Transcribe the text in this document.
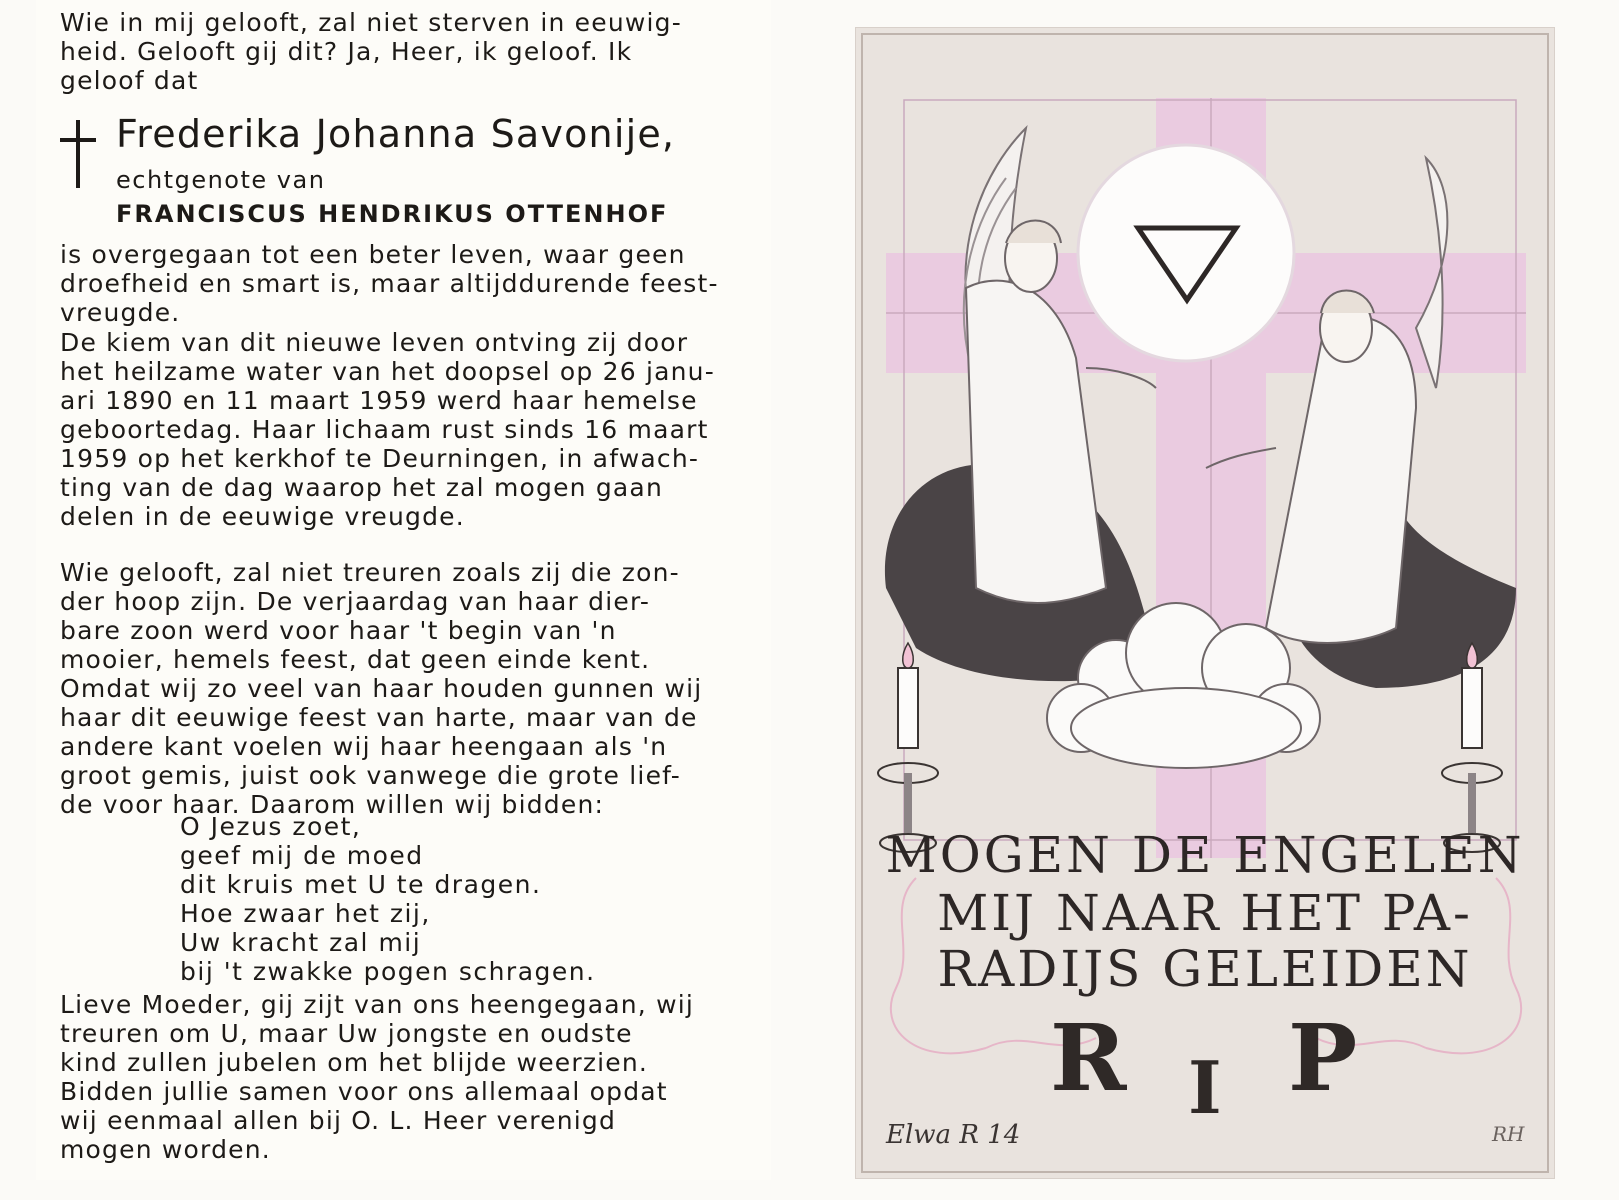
Wie in mij gelooft, zal niet sterven in eeuwig-
heid. Gelooft gij dit? Ja, Heer, ik geloof. Ik
geloof dat
Frederika Johanna Savonije,
echtgenote van
FRANCISCUS HENDRIKUS OTTENHOF
is overgegaan tot een beter leven, waar geen
droefheid en smart is, maar altijddurende feest-
vreugde.
De kiem van dit nieuwe leven ontving zij door
het heilzame water van het doopsel op 26 janu-
ari 1890 en 11 maart 1959 werd haar hemelse
geboortedag. Haar lichaam rust sinds 16 maart
1959 op het kerkhof te Deurningen, in afwach-
ting van de dag waarop het zal mogen gaan
delen in de eeuwige vreugde.
Wie gelooft, zal niet treuren zoals zij die zon-
der hoop zijn. De verjaardag van haar dier-
bare zoon werd voor haar 't begin van 'n
mooier, hemels feest, dat geen einde kent.
Omdat wij zo veel van haar houden gunnen wij
haar dit eeuwige feest van harte, maar van de
andere kant voelen wij haar heengaan als 'n
groot gemis, juist ook vanwege die grote lief-
de voor haar. Daarom willen wij bidden:
O Jezus zoet,
geef mij de moed
dit kruis met U te dragen.
Hoe zwaar het zij,
Uw kracht zal mij
bij 't zwakke pogen schragen.
Lieve Moeder, gij zijt van ons heengegaan, wij
treuren om U, maar Uw jongste en oudste
kind zullen jubelen om het blijde weerzien.
Bidden jullie samen voor ons allemaal opdat
wij eenmaal allen bij O. L. Heer verenigd
mogen worden.
MOGEN DE ENGELEN
MIJ NAAR HET PA-
RADIJS GELEIDEN
R I P
Elwa R 14	RH
